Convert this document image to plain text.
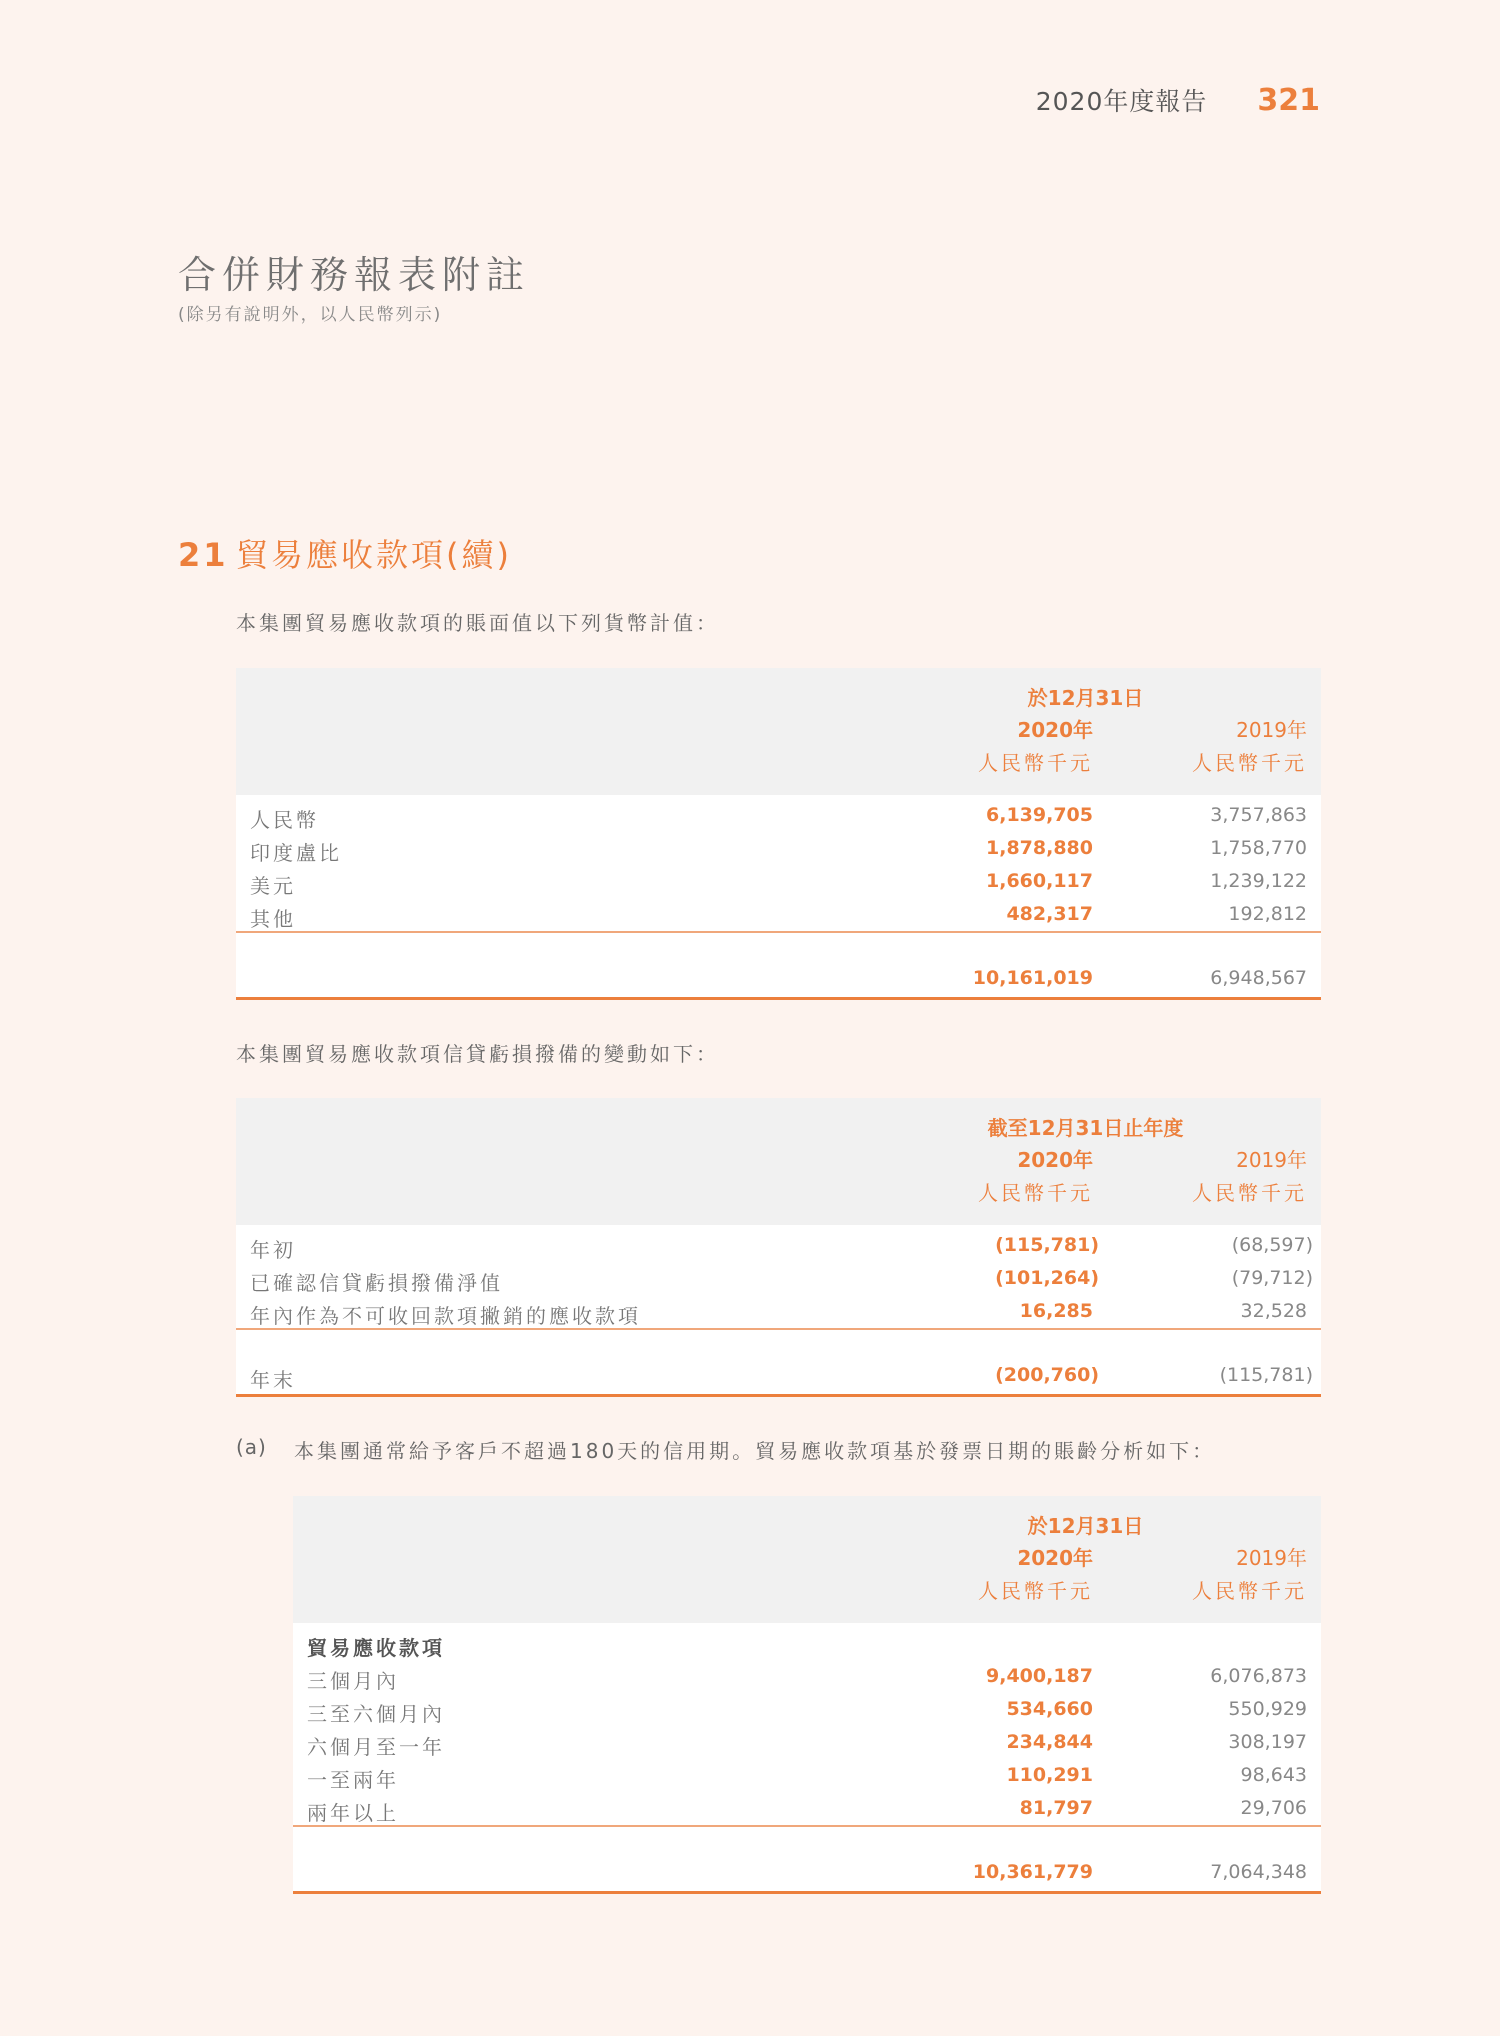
2020年度報告 321
合併財務報表附註
(除另有說明外，以人民幣列示)
21 貿易應收款項(續)
本集團貿易應收款項的賬面值以下列貨幣計值：
於12月31日
2020年	2019年
人民幣千元	人民幣千元
人民幣	6,139,705	3,757,863
印度盧比	1,878,880	1,758,770
美元	1,660,117	1,239,122
其他	482,317	192,812
10,161,019	6,948,567
本集團貿易應收款項信貸虧損撥備的變動如下：
截至12月31日止年度
2020年	2019年
人民幣千元	人民幣千元
年初	(115,781)	(68,597)
已確認信貸虧損撥備淨值	(101,264)	(79,712)
年內作為不可收回款項撇銷的應收款項	16,285	32,528
年末	(200,760)	(115,781)
(a)	本集團通常給予客戶不超過180天的信用期。貿易應收款項基於發票日期的賬齡分析如下：
於12月31日
2020年	2019年
人民幣千元	人民幣千元
貿易應收款項
三個月內	9,400,187	6,076,873
三至六個月內	534,660	550,929
六個月至一年	234,844	308,197
一至兩年	110,291	98,643
兩年以上	81,797	29,706
10,361,779	7,064,348
